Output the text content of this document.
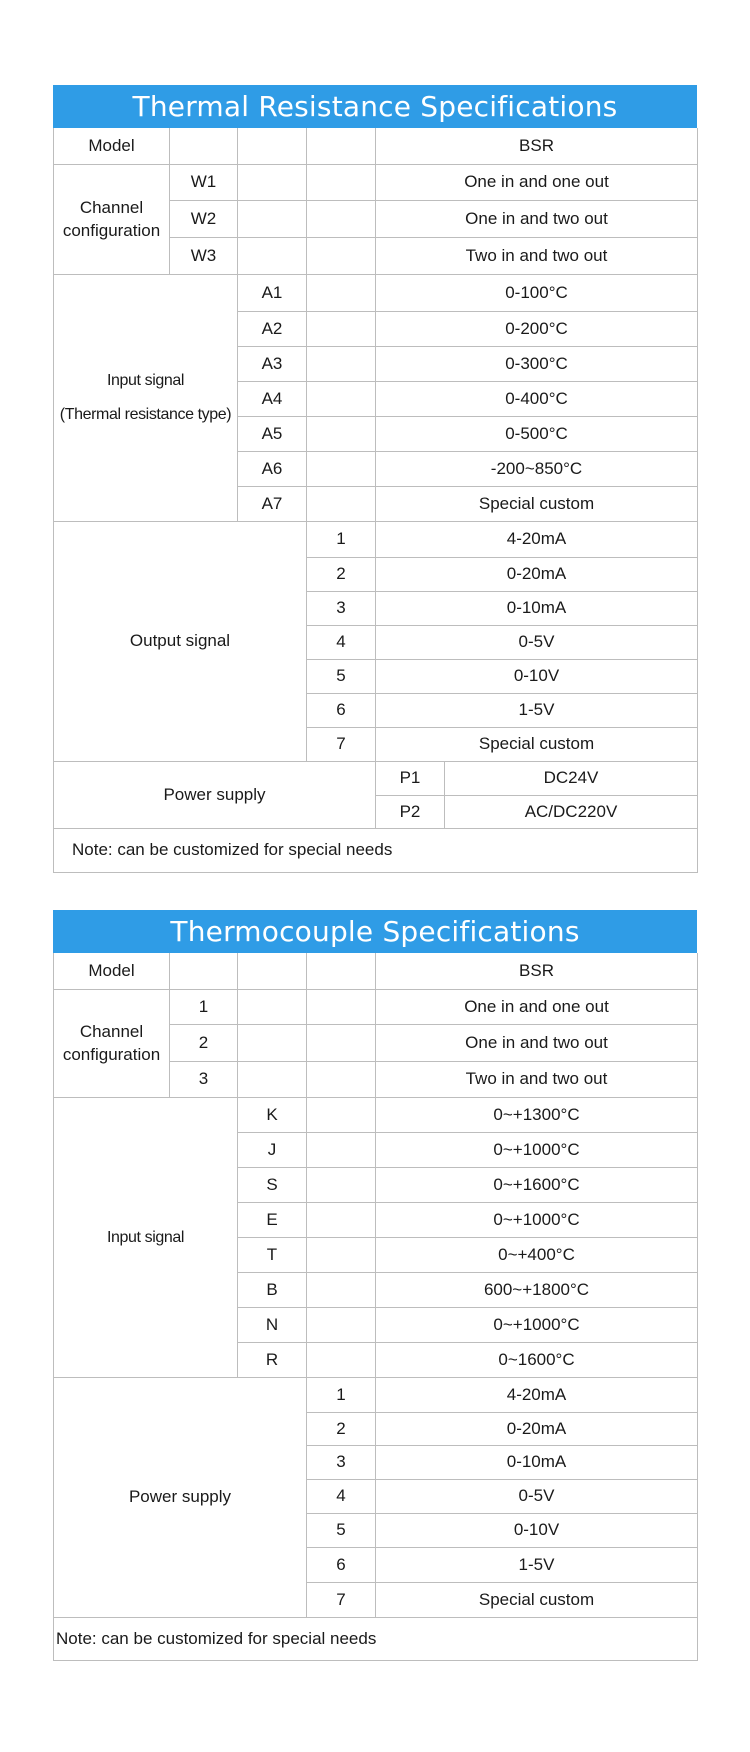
Thermal Resistance Specifications
Model	BSR
Channel
configuration
W1	One in and one out
W2	One in and two out
W3	Two in and two out
Input signal
(Thermal resistance type)
A1	0-100°C
A2	0-200°C
A3	0-300°C
A4	0-400°C
A5	0-500°C
A6	-200~850°C
A7	Special custom
Output signal
1	4-20mA
2	0-20mA
3	0-10mA
4	0-5V
5	0-10V
6	1-5V
7	Special custom
Power supply
P1	DC24V
P2	AC/DC220V
Note: can be customized for special needs
Thermocouple Specifications
Model	BSR
Channel
configuration
1	One in and one out
2	One in and two out
3	Two in and two out
Input signal
K	0~+1300°C
J	0~+1000°C
S	0~+1600°C
E	0~+1000°C
T	0~+400°C
B	600~+1800°C
N	0~+1000°C
R	0~1600°C
Power supply
1	4-20mA
2	0-20mA
3	0-10mA
4	0-5V
5	0-10V
6	1-5V
7	Special custom
Note: can be customized for special needs
